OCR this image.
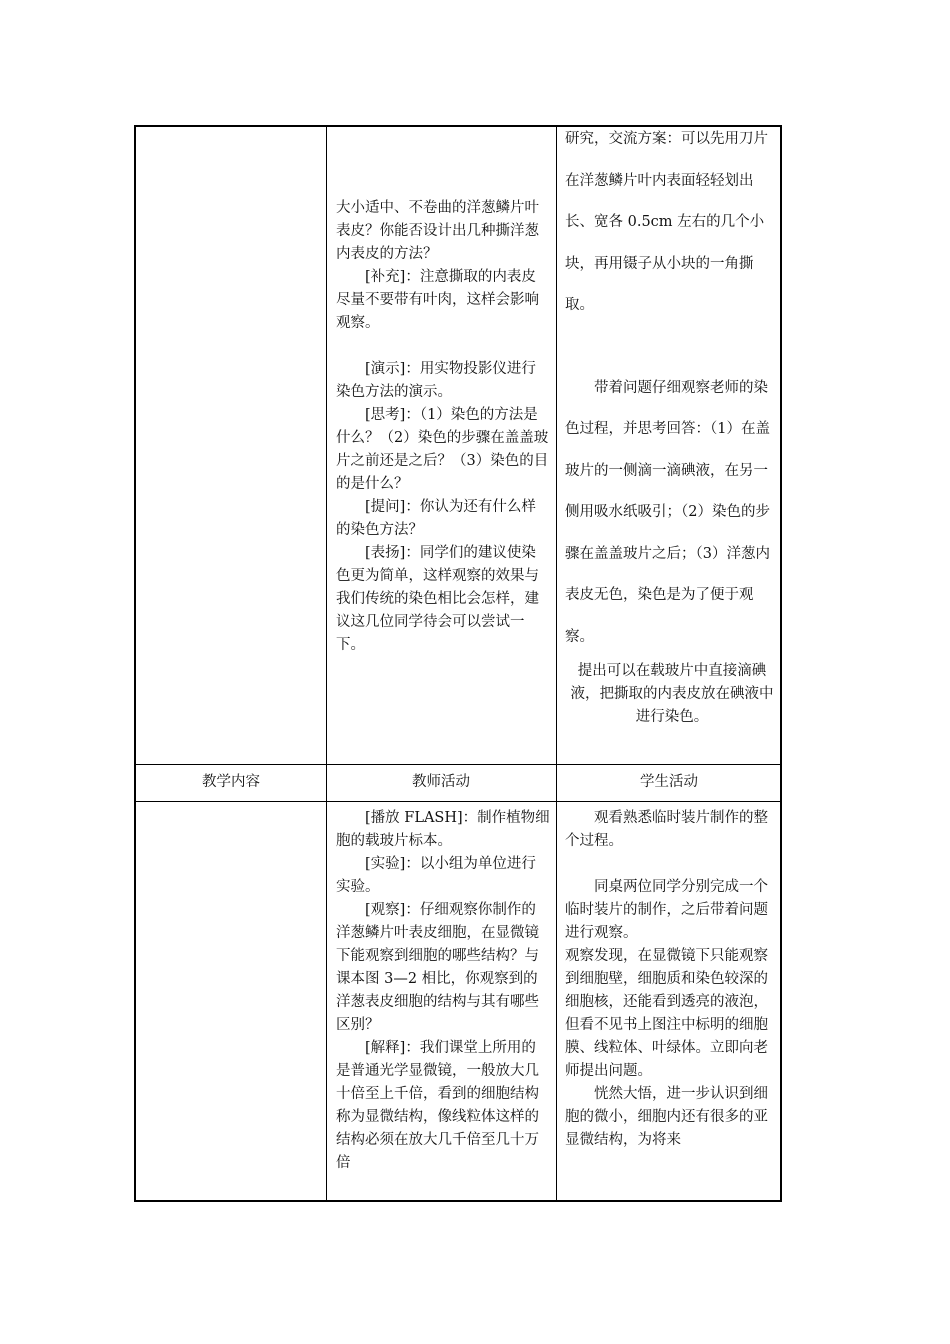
大小适中、不卷曲的洋葱鳞片叶表皮？你能否设计出几种撕洋葱内表皮的方法？

[补充]：注意撕取的内表皮尽量不要带有叶肉，这样会影响观察。

[演示]：用实物投影仪进行染色方法的演示。

[思考]：（1）染色的方法是什么？（2）染色的步骤在盖盖玻片之前还是之后？（3）染色的目的是什么？

[提问]：你认为还有什么样的染色方法？

[表扬]：同学们的建议使染色更为简单，这样观察的效果与我们传统的染色相比会怎样，建议这几位同学待会可以尝试一下。

研究，交流方案：可以先用刀片在洋葱鳞片叶内表面轻轻划出长、宽各 0.5cm 左右的几个小块，再用镊子从小块的一角撕取。

带着问题仔细观察老师的染色过程，并思考回答：（1）在盖玻片的一侧滴一滴碘液，在另一侧用吸水纸吸引；（2）染色的步骤在盖盖玻片之后；（3）洋葱内表皮无色，染色是为了便于观察。

提出可以在载玻片中直接滴碘液，把撕取的内表皮放在碘液中进行染色。

教学内容	教师活动	学生活动

[播放 FLASH]：制作植物细胞的载玻片标本。

[实验]：以小组为单位进行实验。

[观察]：仔细观察你制作的洋葱鳞片叶表皮细胞，在显微镜下能观察到细胞的哪些结构？与课本图 3—2 相比，你观察到的洋葱表皮细胞的结构与其有哪些区别？

[解释]：我们课堂上所用的是普通光学显微镜，一般放大几十倍至上千倍，看到的细胞结构称为显微结构，像线粒体这样的结构必须在放大几千倍至几十万倍

观看熟悉临时装片制作的整个过程。

同桌两位同学分别完成一个临时装片的制作，之后带着问题进行观察。

观察发现，在显微镜下只能观察到细胞壁，细胞质和染色较深的细胞核，还能看到透亮的液泡，但看不见书上图注中标明的细胞膜、线粒体、叶绿体。立即向老师提出问题。

恍然大悟，进一步认识到细胞的微小，细胞内还有很多的亚显微结构，为将来
